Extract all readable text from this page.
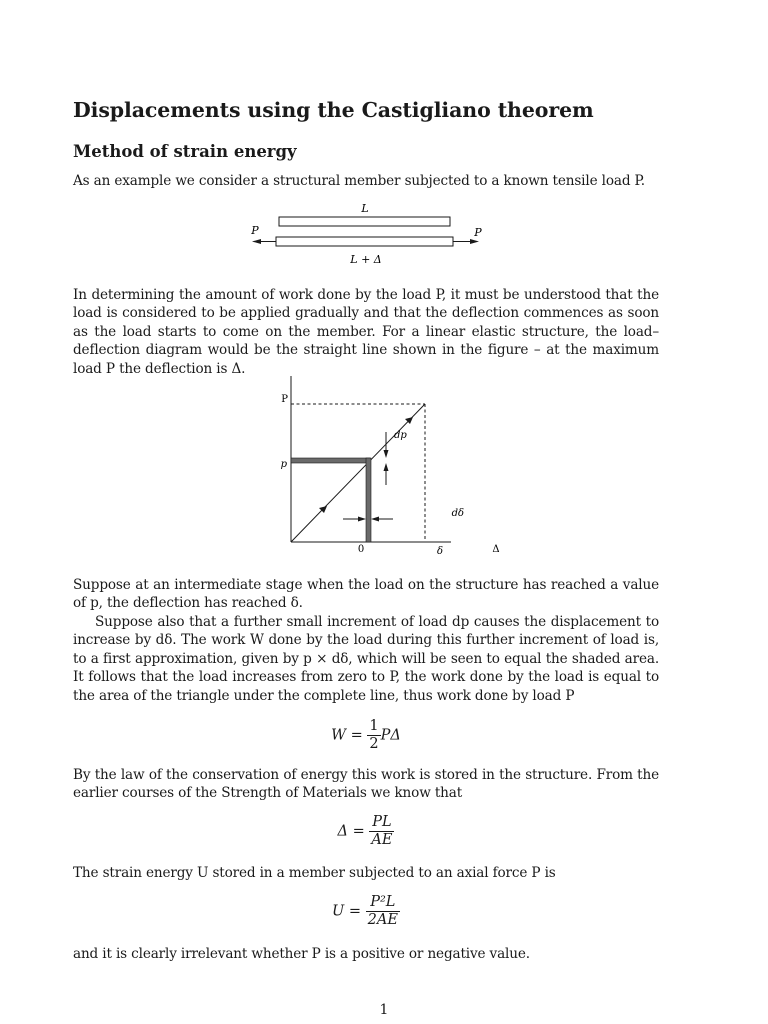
Displacements using the Castigliano theorem
Method of strain energy

As an example we consider a structural member subjected to a known tensile load P.

L
P	P
L + Δ

In determining the amount of work done by the load P, it must be understood that the load is considered to be applied gradually and that the deflection commences as soon as the load starts to come on the member. For a linear elastic structure, the load–deflection diagram would be the straight line shown in the figure – at the maximum load P the deflection is Δ.

P
p
dp
dδ
0	δ	Δ

Suppose at an intermediate stage when the load on the structure has reached a value of p, the deflection has reached δ.

Suppose also that a further small increment of load dp causes the displacement to increase by dδ. The work W done by the load during this further increment of load is, to a first approximation, given by p × dδ, which will be seen to equal the shaded area. It follows that the load increases from zero to P, the work done by the load is equal to the area of the triangle under the complete line, thus work done by load P

$W = \frac{1}{2}$ PΔ

By the law of the conservation of energy this work is stored in the structure. From the earlier courses of the Strength of Materials we know that

$\Delta = \frac{PL}{AE}$

The strain energy U stored in a member subjected to an axial force P is

$U = \frac{\text{P²L}}{2AE}$

and it is clearly irrelevant whether P is a positive or negative value.

1
